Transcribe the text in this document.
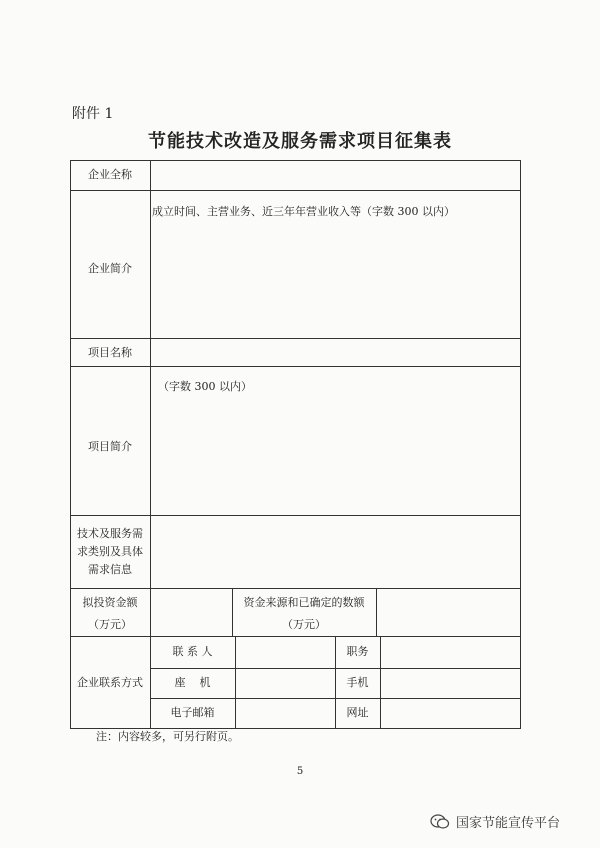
附件 1
节能技术改造及服务需求项目征集表
企业全称
企业简介
成立时间、主营业务、近三年年营业收入等（字数 300 以内）
项目名称
项目简介
（字数 300 以内）
技术及服务需
求类别及具体
需求信息
拟投资金额
（万元）
资金来源和已确定的数额
（万元）
企业联系方式
联 系 人
座    机
电子邮箱
职务
手机
网址
注：内容较多，可另行附页。
5
国家节能宣传平台
